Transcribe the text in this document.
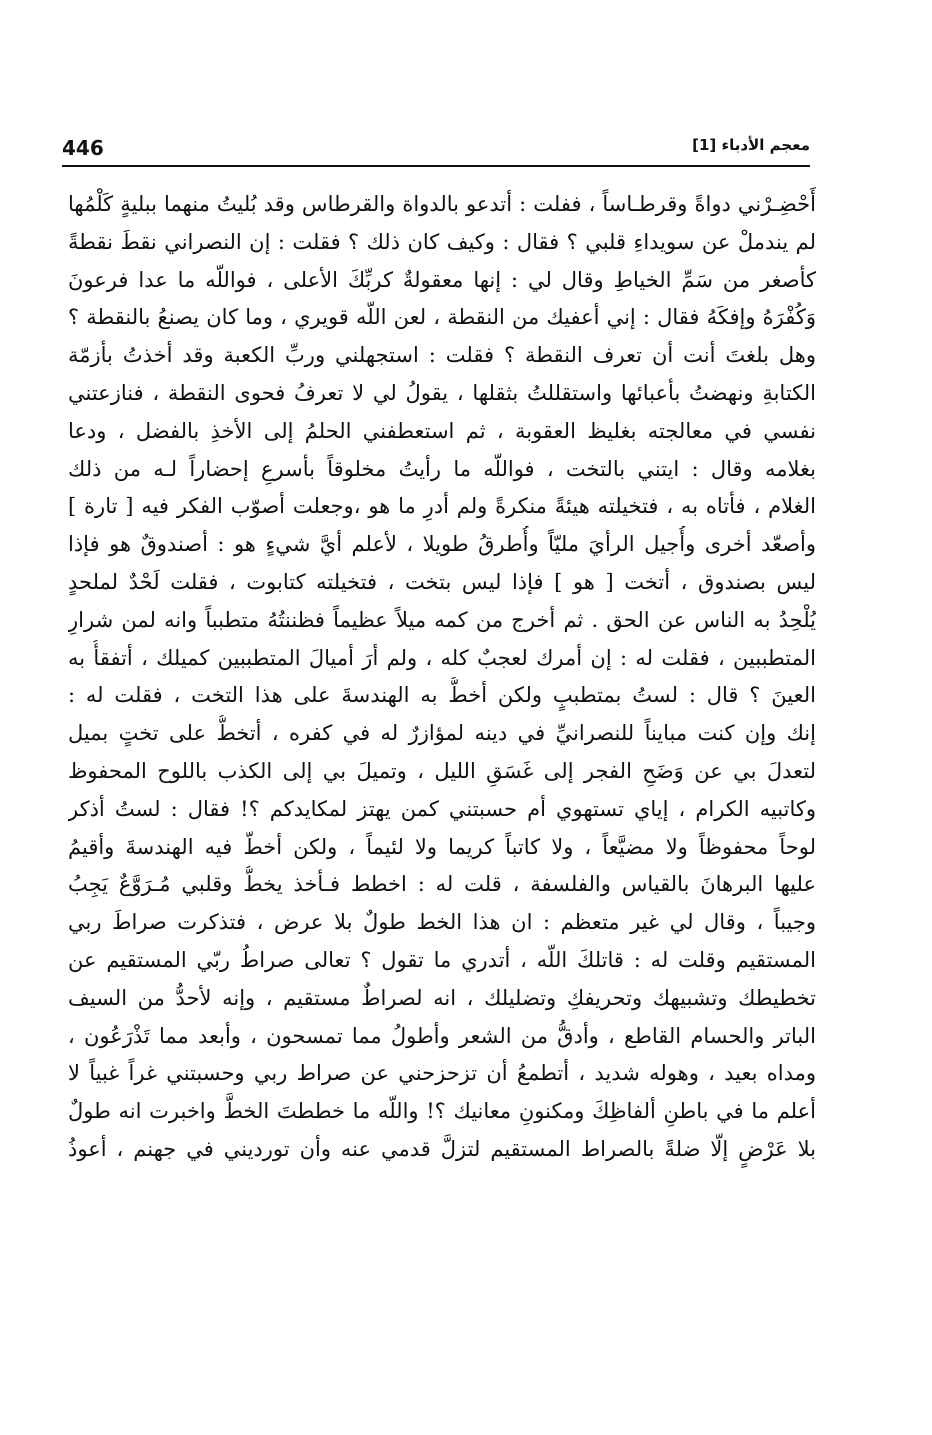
446	معجم الأدباء [1]
أَحْضِـرْني دواةً وقرطـاساً ، ففلت : أتدعو بالدواة والقرطاس وقد بُليتُ منهما ببليةٍ كَلْمُها
لم يندملْ عن سويداءِ قلبي ؟ فقال : وكيف كان ذلك ؟ فقلت : إن النصراني نقطَ نقطةً
كأصغر من سَمِّ الخياطِ وقال لي : إنها معقولةٌ كربِّكَ الأعلى ، فواللّه ما عدا فرعونَ
وَكُفْرَهُ وإفكَهُ فقال : إني أعفيك من النقطة ، لعن اللّه قويري ، وما كان يصنعُ بالنقطة ؟
وهل بلغتَ أنت أن تعرف النقطة ؟ فقلت : استجهلني وربِّ الكعبة وقد أخذتُ بأزمّة
الكتابةِ ونهضتُ بأعبائها واستقللتُ بثقلها ، يقولُ لي لا تعرفُ فحوى النقطة ، فنازعتني
نفسي في معالجته بغليظ العقوبة ، ثم استعطفني الحلمُ إلى الأخذِ بالفضل ، ودعا
بغلامه وقال : ايتني بالتخت ، فواللّه ما رأيتُ مخلوقاً بأسرعِ إحضاراً لـه من ذلك
الغلام ، فأتاه به ، فتخيلته هيئةً منكرةً ولم أدرِ ما هو ،وجعلت أصوّب الفكر فيه [ تارة ]
وأصعّد أخرى وأُجيل الرأيَ مليّاً وأُطرقُ طويلا ، لأعلم أيَّ شيءٍ هو : أصندوقٌ هو فإذا
ليس بصندوق ، أتخت [ هو ] فإذا ليس بتخت ، فتخيلته كتابوت ، فقلت لَحْدٌ لملحدٍ
يُلْحِدُ به الناس عن الحق . ثم أخرج من كمه ميلاً عظيماً فظننتُهُ متطبباً وانه لمن شرارِ
المتطببين ، فقلت له : إن أمرك لعجبٌ كله ، ولم أرَ أميالَ المتطببين كميلك ، أتفقأُ به
العينَ ؟ قال : لستُ بمتطببٍ ولكن أخطُّ به الهندسةَ على هذا التخت ، فقلت له :
إنك وإن كنت مبايناً للنصرانيِّ في دينه لمؤازرٌ له في كفره ، أتخطُّ على تختٍ بميل
لتعدلَ بي عن وَضَحِ الفجر إلى غَسَقِ الليل ، وتميلَ بي إلى الكذب باللوح المحفوظ
وكاتبيه الكرام ، إياي تستهوي أم حسبتني كمن يهتز لمكايدكم ؟! فقال : لستُ أذكر
لوحاً محفوظاً ولا مضيَّعاً ، ولا كاتباً كريما ولا لئيماً ، ولكن أخطّ فيه الهندسةَ وأقيمُ
عليها البرهانَ بالقياس والفلسفة ، قلت له : اخطط فـأخذ يخطُّ وقلبي مُـرَوَّعٌ يَجِبُ
وجيباً ، وقال لي غير متعظم : ان هذا الخط طولٌ بلا عرض ، فتذكرت صراطَ ربي
المستقيم وقلت له : قاتلكَ اللّه ، أتدري ما تقول ؟ تعالى صراطُ ربّي المستقيم عن
تخطيطك وتشبيهك وتحريفكِ وتضليلك ، انه لصراطٌ مستقيم ، وإنه لأحدُّ من السيف
الباتر والحسام القاطع ، وأدقُّ من الشعر وأطولُ مما تمسحون ، وأبعد مما تَذْرَعُون ،
ومداه بعيد ، وهوله شديد ، أتطمعُ أن تزحزحني عن صراط ربي وحسبتني غراً غبياً لا
أعلم ما في باطنِ ألفاظِكَ ومكنونِ معانيك ؟! واللّه ما خططتَ الخطَّ واخبرت انه طولٌ
بلا عَرْضٍ إلّا ضلةً بالصراط المستقيم لتزلَّ قدمي عنه وأن تورديني في جهنم ، أعوذُ
